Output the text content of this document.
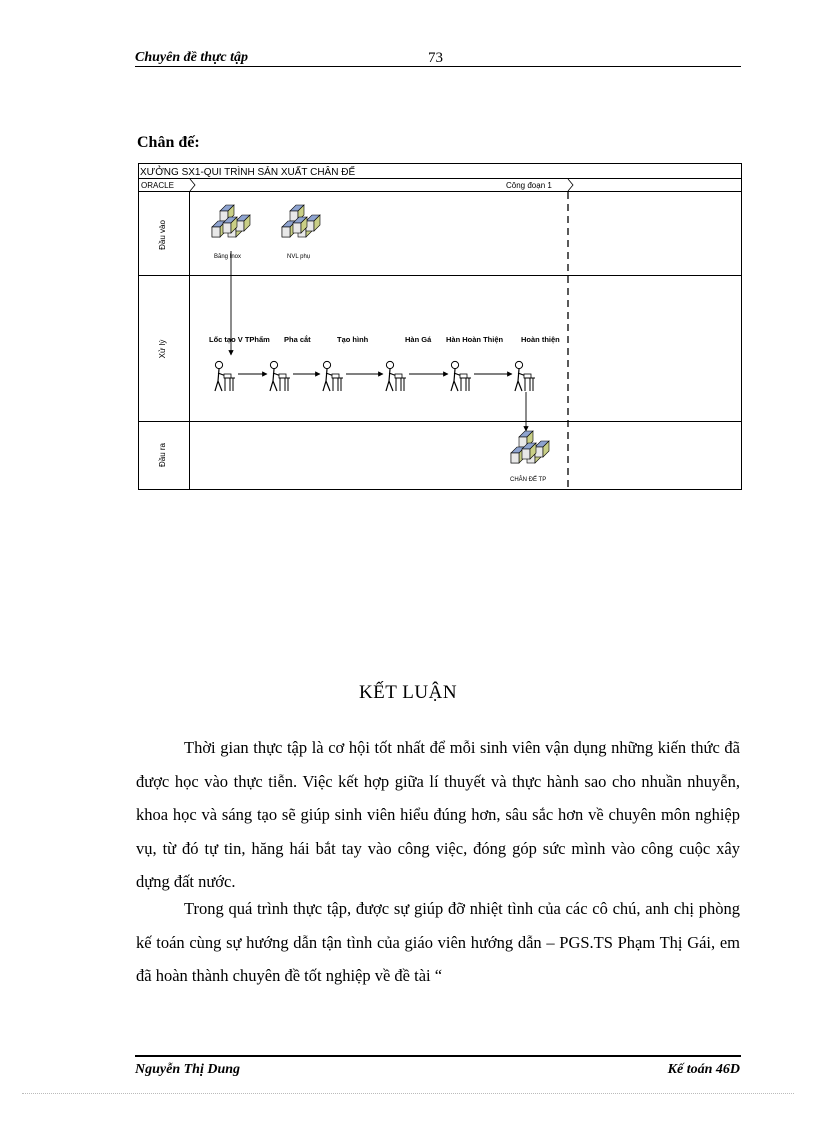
Chuyên đề thực tập	73
Chân đế:
XƯỞNG SX1-QUI TRÌNH SẢN XUẤT CHÂN ĐẾ
ORACLE	Công đoạn 1
Đầu vào
Xử lý
Đầu ra
Băng Inox	NVL phụ
Lốc tạo V TPhẩm Pha cắt	Tạo hình	Hàn Gá Hàn Hoàn Thiện Hoàn thiện
CHÂN ĐẾ TP
KẾT LUẬN

Thời gian thực tập là cơ hội tốt nhất để mỗi sinh viên vận dụng những kiến thức đã được học vào thực tiễn. Việc kết hợp giữa lí thuyết và thực hành sao cho nhuần nhuyễn, khoa học và sáng tạo sẽ giúp sinh viên hiểu đúng hơn, sâu sắc hơn về chuyên môn nghiệp vụ, từ đó tự tin, hăng hái bắt tay vào công việc, đóng góp sức mình vào công cuộc xây dựng đất nước.

Trong quá trình thực tập, được sự giúp đỡ nhiệt tình của các cô chú, anh chị phòng kế toán cùng sự hướng dẫn tận tình của giáo viên hướng dẫn – PGS.TS Phạm Thị Gái, em đã hoàn thành chuyên đề tốt nghiệp về đề tài “

Nguyễn Thị Dung	Kế toán 46D
